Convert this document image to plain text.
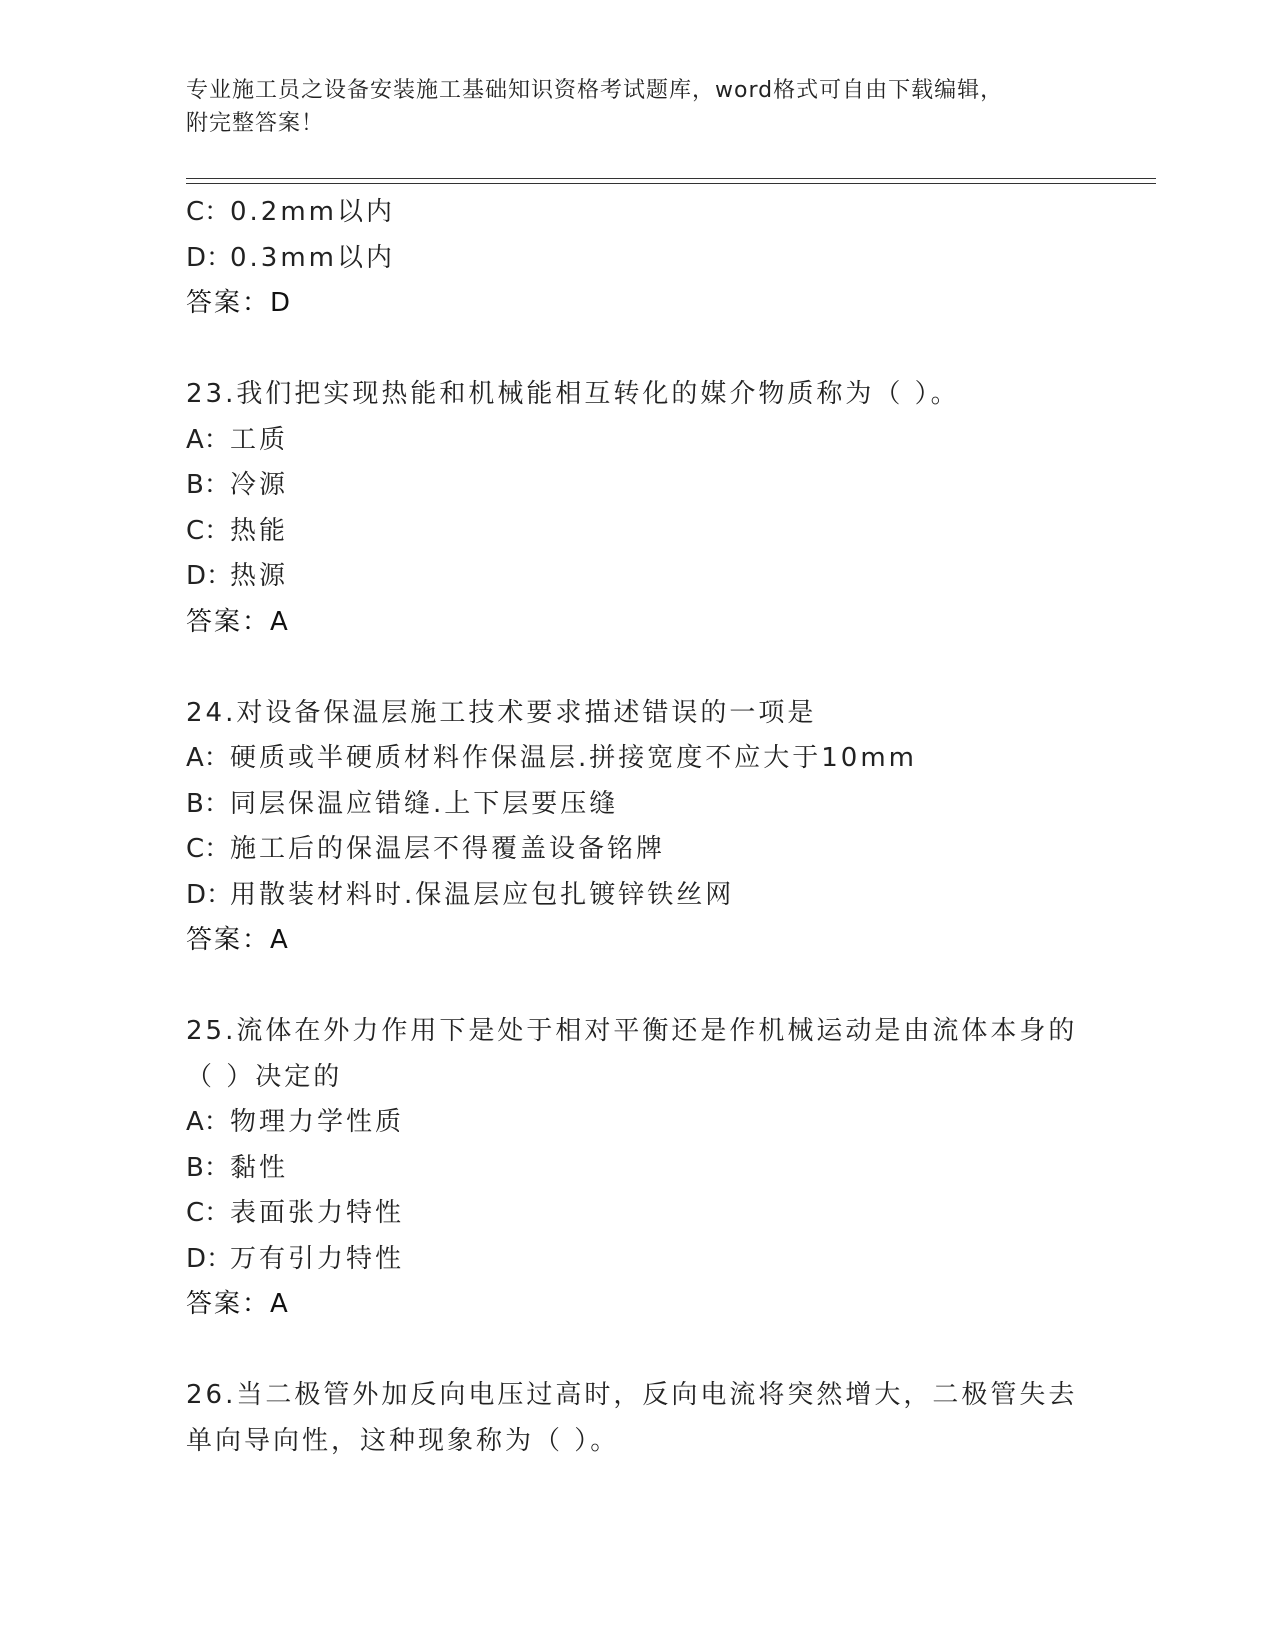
专业施工员之设备安装施工基础知识资格考试题库，word格式可自由下载编辑，
附完整答案！
C：0.2mm以内
D：0.3mm以内
答案：D
23.我们把实现热能和机械能相互转化的媒介物质称为（ ）。
A：工质
B：冷源
C：热能
D：热源
答案：A
24.对设备保温层施工技术要求描述错误的一项是
A：硬质或半硬质材料作保温层.拼接宽度不应大于10mm
B：同层保温应错缝.上下层要压缝
C：施工后的保温层不得覆盖设备铭牌
D：用散装材料时.保温层应包扎镀锌铁丝网
答案：A
25.流体在外力作用下是处于相对平衡还是作机械运动是由流体本身的
（ ）决定的
A：物理力学性质
B：黏性
C：表面张力特性
D：万有引力特性
答案：A
26.当二极管外加反向电压过高时，反向电流将突然增大，二极管失去
单向导向性，这种现象称为（ ）。
